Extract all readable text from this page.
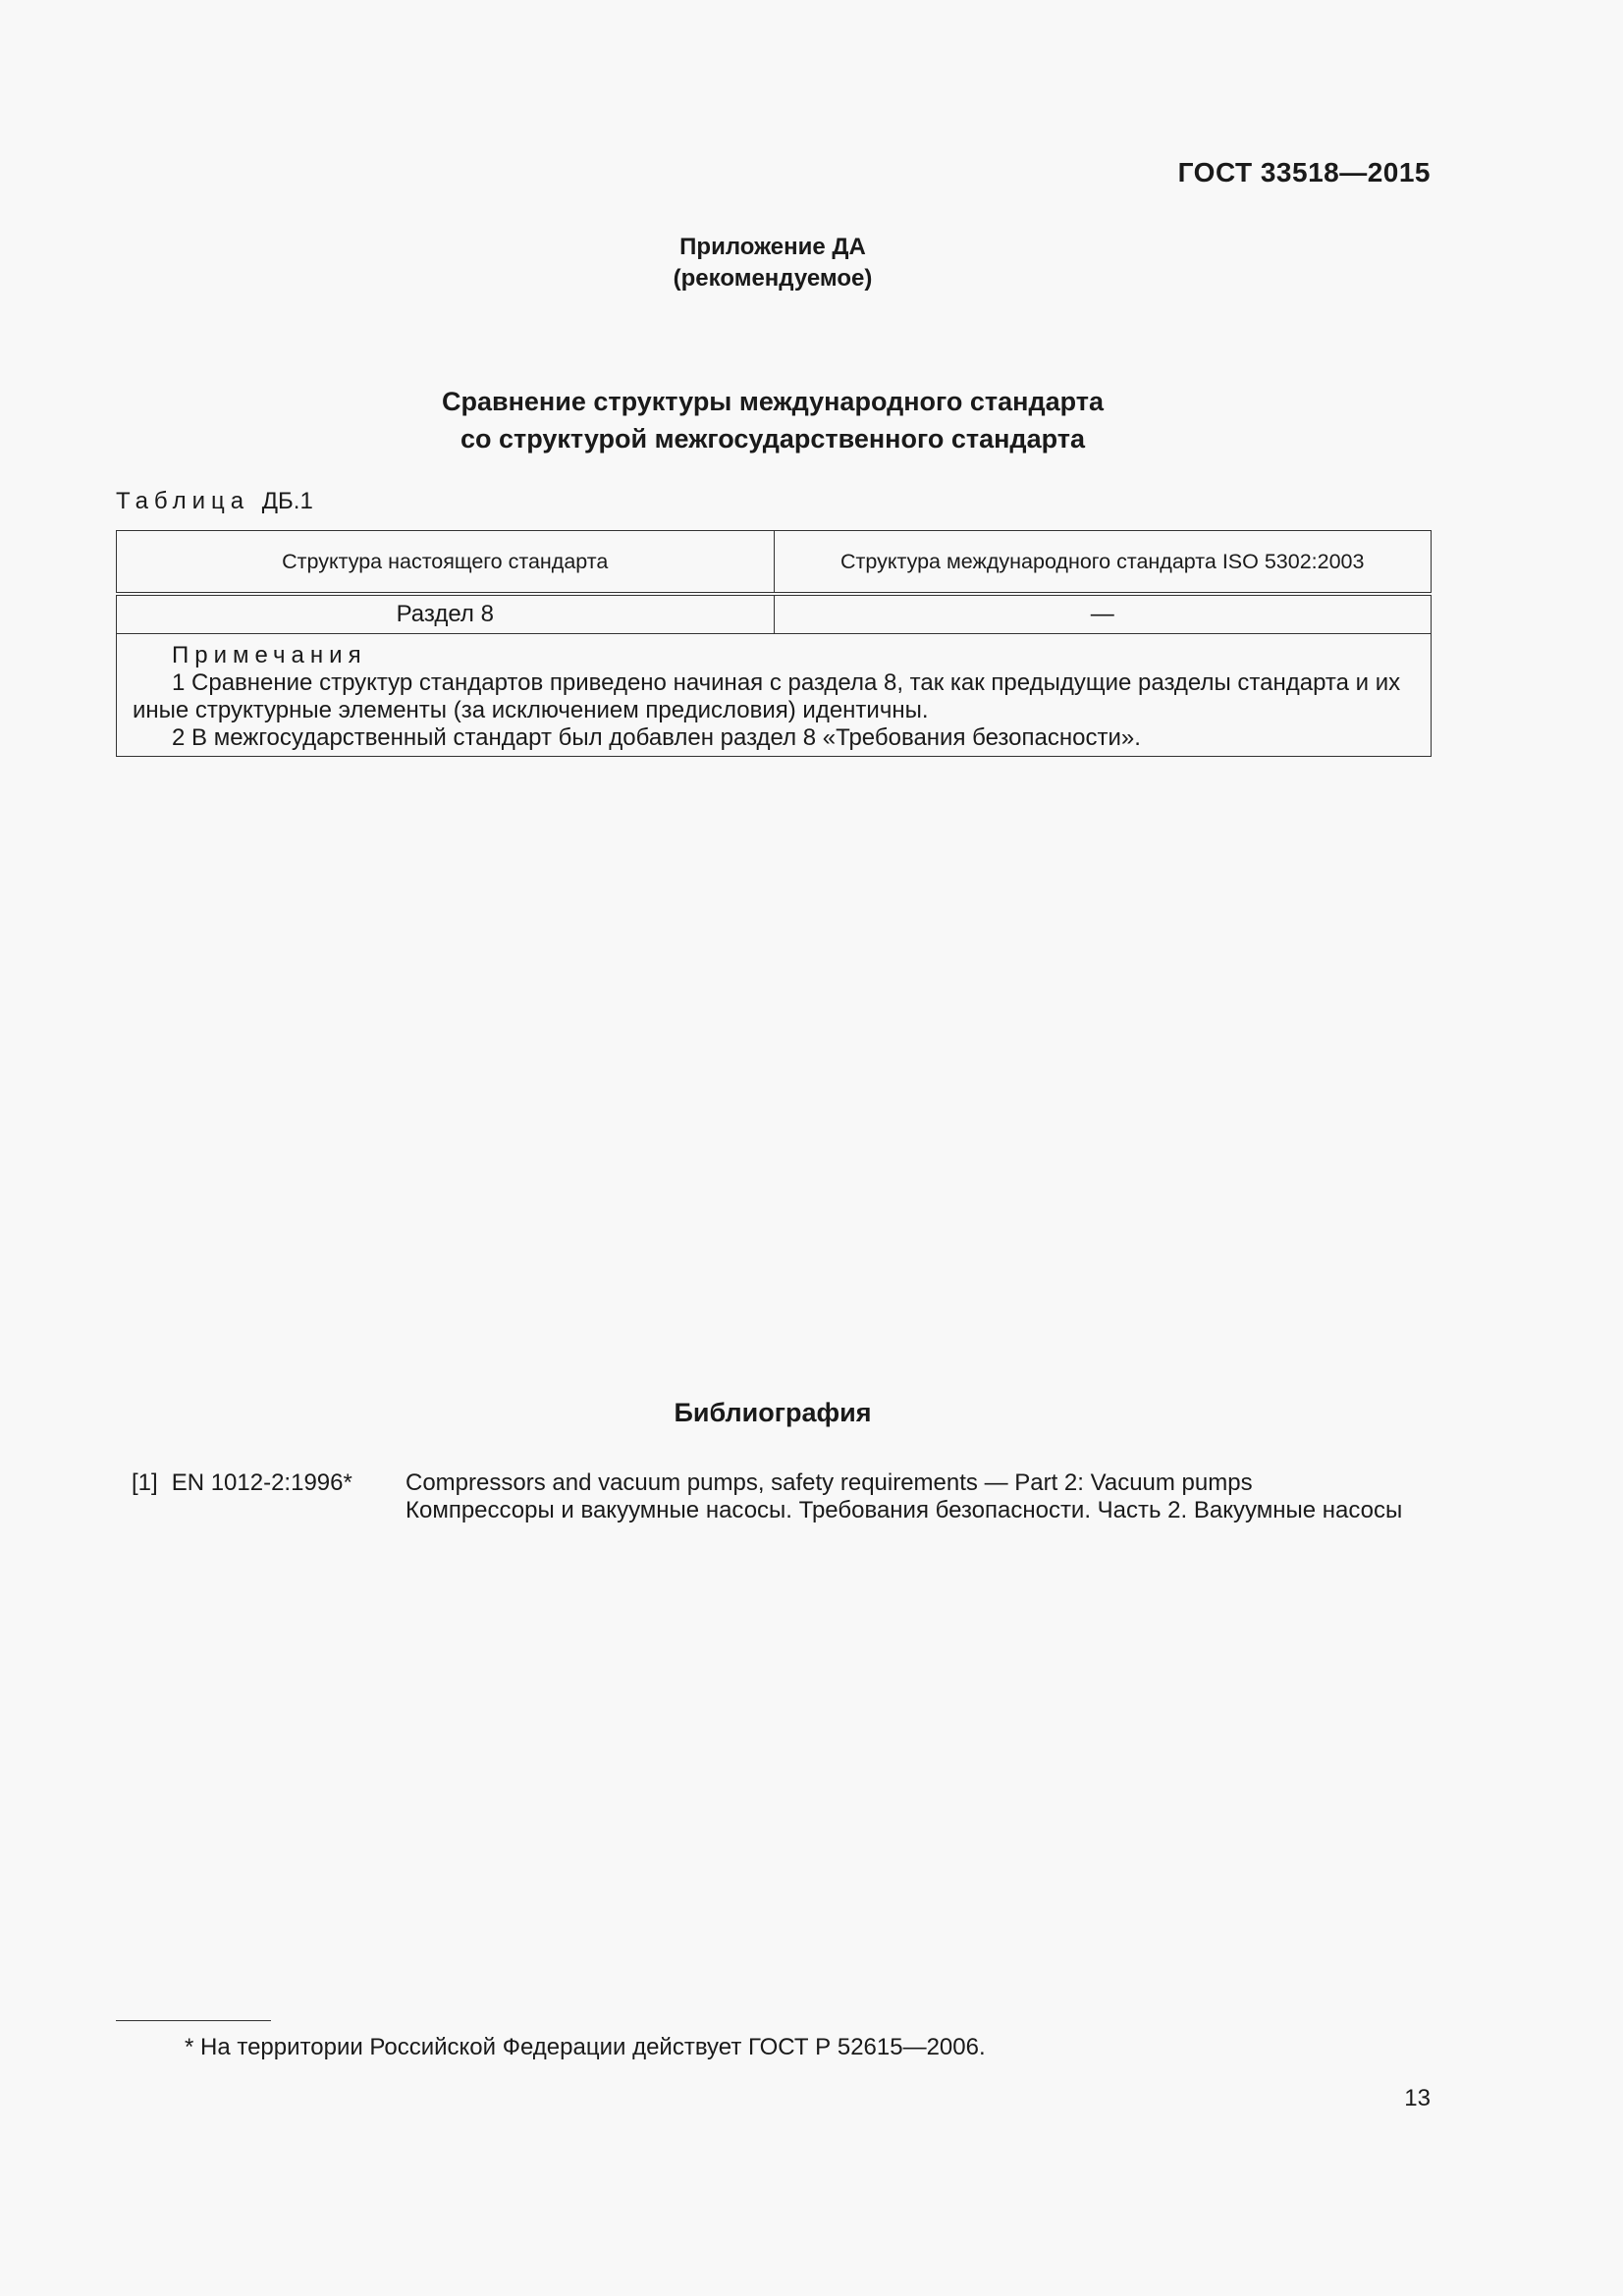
ГОСТ 33518—2015
Приложение ДА
(рекомендуемое)
Сравнение структуры международного стандарта
со структурой межгосударственного стандарта
Таблица ДБ.1
Структура настоящего стандарта	Структура международного стандарта ISO 5302:2003
Раздел 8	—

Примечания
1 Сравнение структур стандартов приведено начиная с раздела 8, так как предыдущие разделы стандарта и их иные структурные элементы (за исключением предисловия) идентичны.
2 В межгосударственный стандарт был добавлен раздел 8 «Требования безопасности».	
Библиография
[1] EN 1012-2:1996* Compressors and vacuum pumps, safety requirements — Part 2: Vacuum pumps
Компрессоры и вакуумные насосы. Требования безопасности. Часть 2. Вакуумные насосы
* На территории Российской Федерации действует ГОСТ Р 52615—2006.
13
